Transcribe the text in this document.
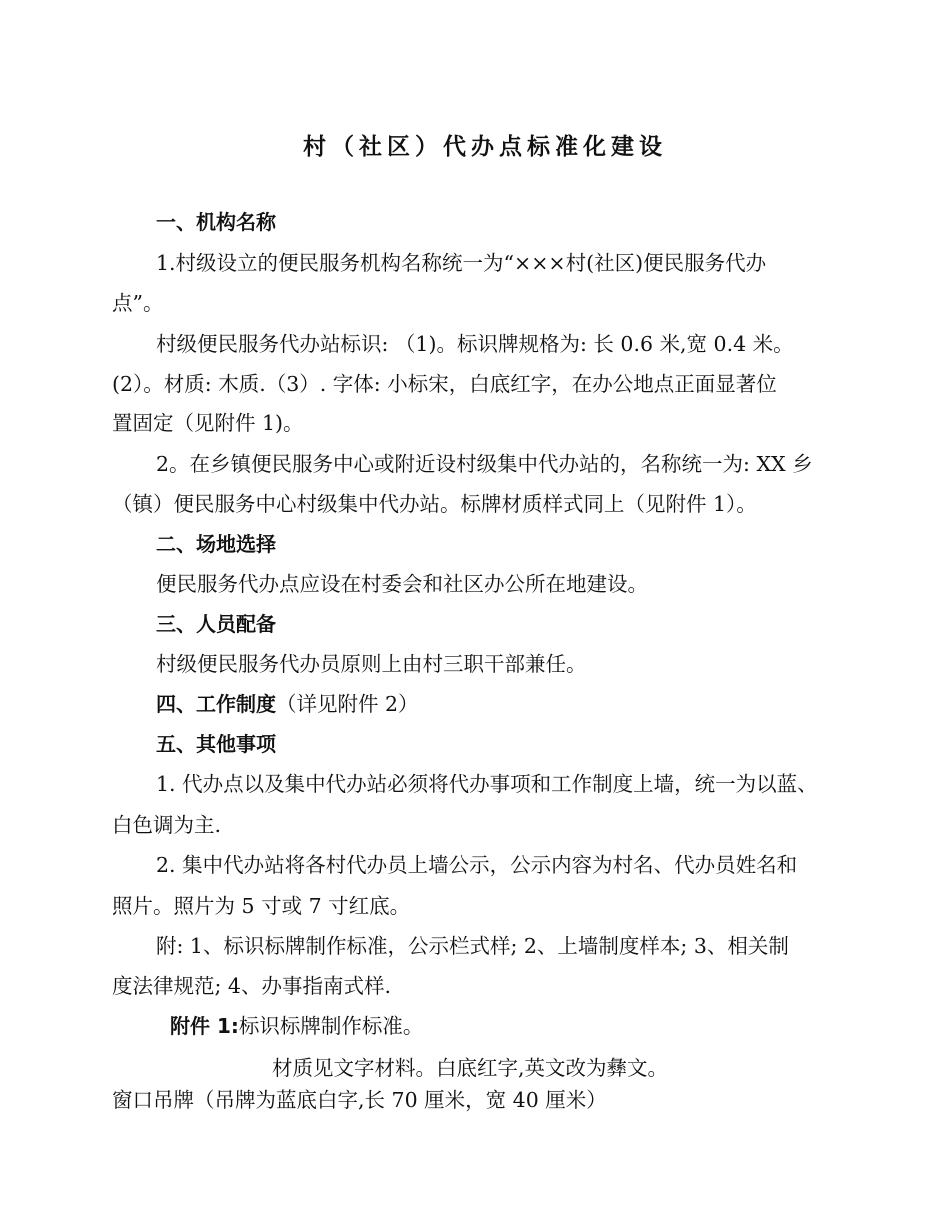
村（社区）代办点标准化建设
一、机构名称
1.村级设立的便民服务机构名称统一为“×××村(社区)便民服务代办
点”。
村级便民服务代办站标识: （1)。标识牌规格为: 长 0.6 米,宽 0.4 米。
(2）。材质: 木质.（3）. 字体: 小标宋，白底红字，在办公地点正面显著位
置固定（见附件 1)。
2。在乡镇便民服务中心或附近设村级集中代办站的，名称统一为: XX 乡
（镇）便民服务中心村级集中代办站。标牌材质样式同上（见附件 1）。
二、场地选择
便民服务代办点应设在村委会和社区办公所在地建设。
三、人员配备
村级便民服务代办员原则上由村三职干部兼任。
四、工作制度（详见附件 2）
五、其他事项
1. 代办点以及集中代办站必须将代办事项和工作制度上墙，统一为以蓝、
白色调为主.
2. 集中代办站将各村代办员上墙公示，公示内容为村名、代办员姓名和
照片。照片为 5 寸或 7 寸红底。
附: 1、标识标牌制作标准，公示栏式样; 2、上墙制度样本; 3、相关制
度法律规范; 4、办事指南式样.
附件 1:标识标牌制作标准。
材质见文字材料。白底红字,英文改为彝文。
窗口吊牌（吊牌为蓝底白字,长 70 厘米，宽 40 厘米）
